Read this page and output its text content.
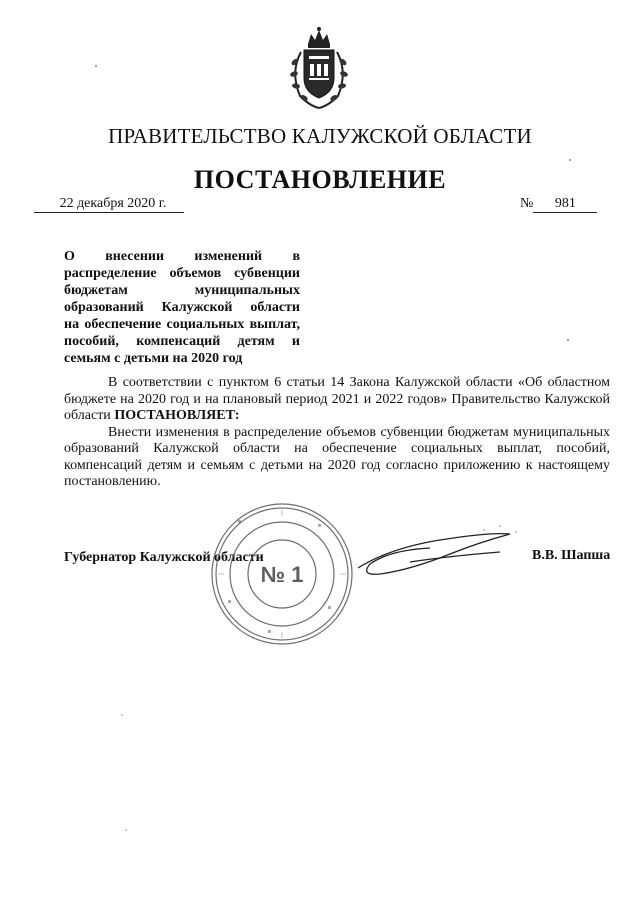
ПРАВИТЕЛЬСТВО КАЛУЖСКОЙ ОБЛАСТИ
ПОСТАНОВЛЕНИЕ
22 декабря 2020 г.	№ 981
О внесении изменений в
распределение объемов субвенции
бюджетам муниципальных
образований Калужской области
на обеспечение социальных выплат,
пособий, компенсаций детям и
семьям с детьми на 2020 год

В соответствии с пунктом 6 статьи 14 Закона Калужской области «Об областном бюджете на 2020 год и на плановый период 2021 и 2022 годов» Правительство Калужской области ПОСТАНОВЛЯЕТ:

Внести изменения в распределение объемов субвенции бюджетам муниципальных образований Калужской области на обеспечение социальных выплат, пособий, компенсаций детям и семьям с детьми на 2020 год согласно приложению к настоящему постановлению.

Губернатор Калужской области
№ 1
В.В. Шапша
